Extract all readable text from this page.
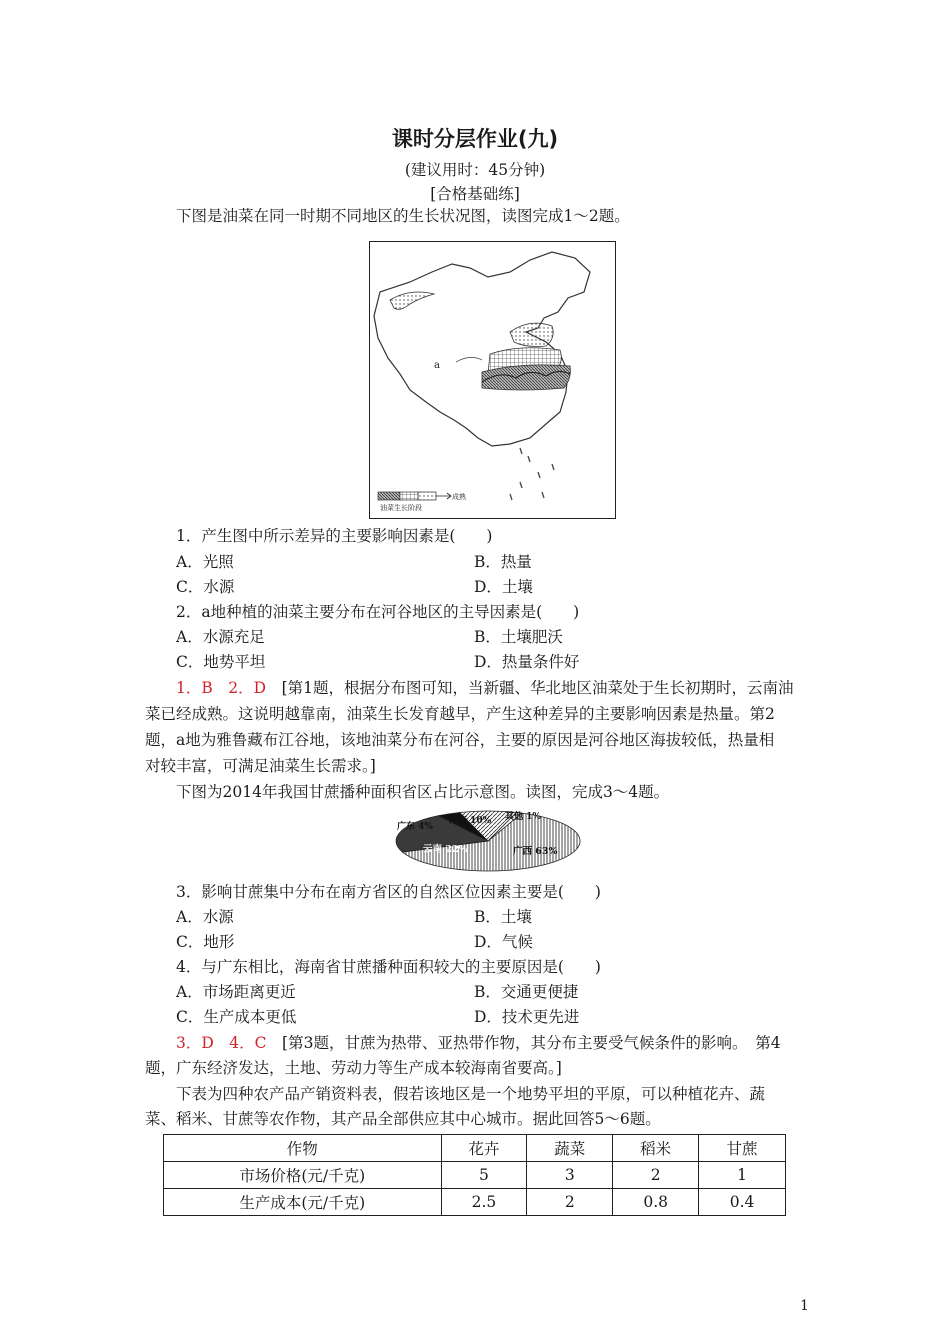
课时分层作业(九)
(建议用时：45分钟)
[合格基础练]
下图是油菜在同一时期不同地区的生长状况图，读图完成1～2题。
a
成熟
油菜生长阶段
1．产生图中所示差异的主要影响因素是(　　)
A．光照	B．热量
C．水源	D．土壤
2．a地种植的油菜主要分布在河谷地区的主导因素是(　　)
A．水源充足	B．土壤肥沃
C．地势平坦	D．热量条件好
1．B　2．D　 [第1题，根据分布图可知，当新疆、华北地区油菜处于生长初期时，云南油
菜已经成熟。这说明越靠南，油菜生长发育越早，产生这种差异的主要影响因素是热量。第2
题，a地为雅鲁藏布江谷地，该地油菜分布在河谷，主要的原因是河谷地区海拔较低，热量相
对较丰富，可满足油菜生长需求。]
下图为2014年我国甘蔗播种面积省区占比示意图。读图，完成3～4题。
广西 63%
云南 22%
广东 4%
海南 10% 其他 1%
3．影响甘蔗集中分布在南方省区的自然区位因素主要是(　　)
A．水源	B．土壤
C．地形	D．气候
4．与广东相比，海南省甘蔗播种面积较大的主要原因是(　　)
A．市场距离更近	B．交通更便捷
C．生产成本更低	D．技术更先进
3．D　4．C　 [第3题，甘蔗为热带、亚热带作物，其分布主要受气候条件的影响。　第4
题，广东经济发达，土地、劳动力等生产成本较海南省要高。]
下表为四种农产品产销资料表，假若该地区是一个地势平坦的平原，可以种植花卉、蔬
菜、稻米、甘蔗等农作物，其产品全部供应其中心城市。据此回答5～6题。
作物	花卉	蔬菜	稻米	甘蔗
市场价格(元/千克)	5	3	2	1
生产成本(元/千克)	2.5	2	0.8	0.4
1
